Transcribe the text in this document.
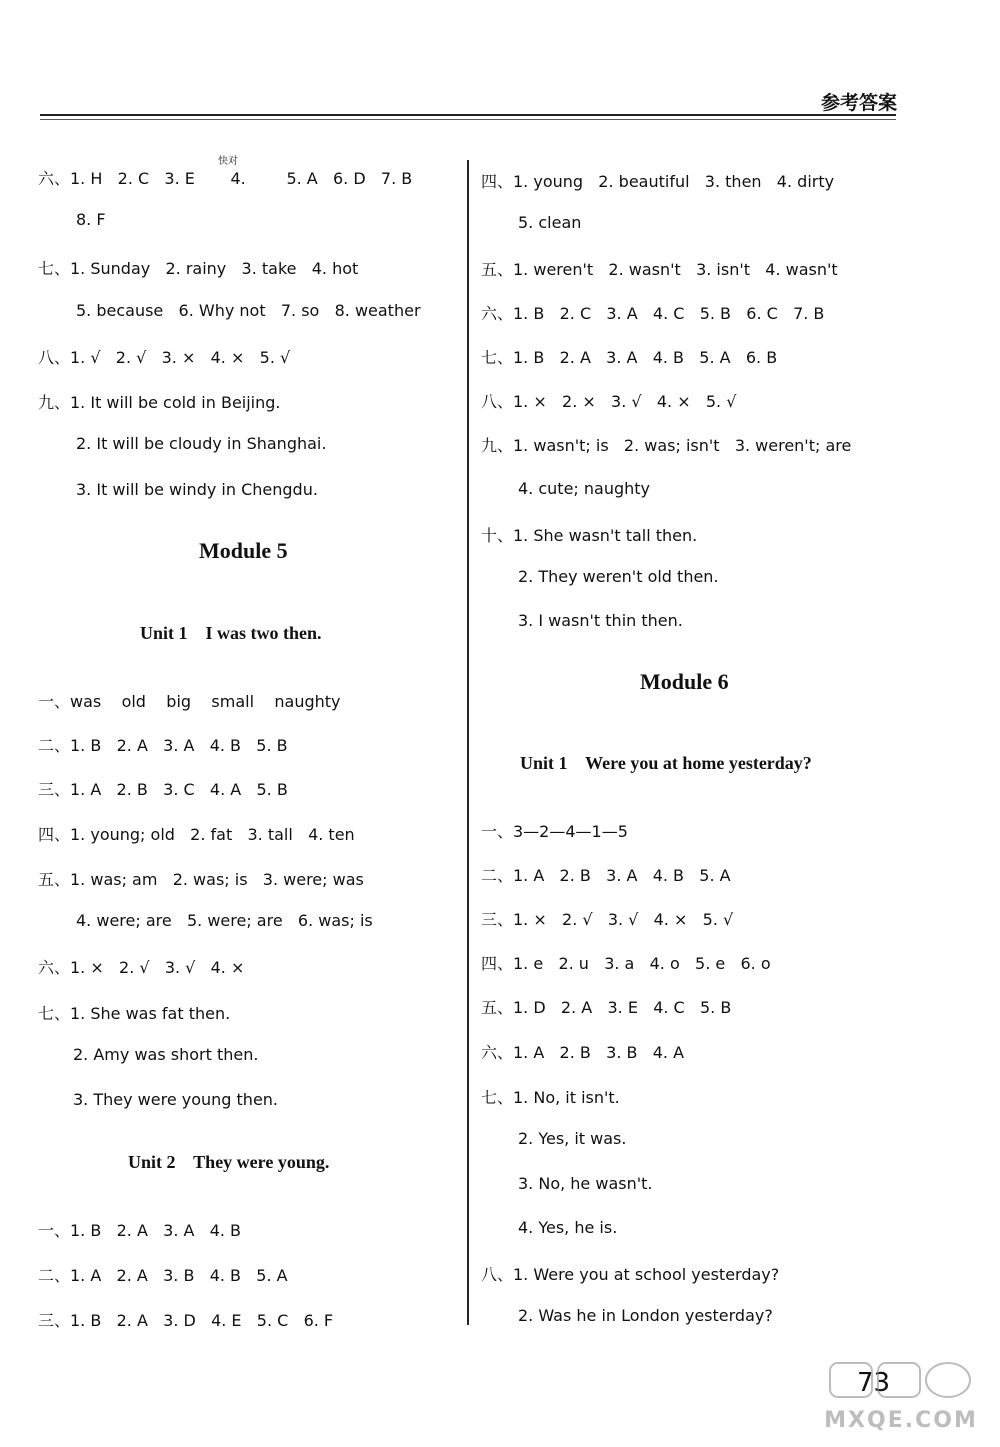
参考答案
快对
六、1. H   2. C   3. E       4.        5. A   6. D   7. B
8. F
七、1. Sunday   2. rainy   3. take   4. hot
5. because   6. Why not   7. so   8. weather
八、1. √   2. √   3. ×   4. ×   5. √
九、1. It will be cold in Beijing.
2. It will be cloudy in Shanghai.
3. It will be windy in Chengdu.
Module 5
Unit 1    I was two then.
一、was    old    big    small    naughty
二、1. B   2. A   3. A   4. B   5. B
三、1. A   2. B   3. C   4. A   5. B
四、1. young; old   2. fat   3. tall   4. ten
五、1. was; am   2. was; is   3. were; was
4. were; are   5. were; are   6. was; is
六、1. ×   2. √   3. √   4. ×
七、1. She was fat then.
2. Amy was short then.
3. They were young then.
Unit 2    They were young.
一、1. B   2. A   3. A   4. B
二、1. A   2. A   3. B   4. B   5. A
三、1. B   2. A   3. D   4. E   5. C   6. F
四、1. young   2. beautiful   3. then   4. dirty
5. clean
五、1. weren't   2. wasn't   3. isn't   4. wasn't
六、1. B   2. C   3. A   4. C   5. B   6. C   7. B
七、1. B   2. A   3. A   4. B   5. A   6. B
八、1. ×   2. ×   3. √   4. ×   5. √
九、1. wasn't; is   2. was; isn't   3. weren't; are
4. cute; naughty
十、1. She wasn't tall then.
2. They weren't old then.
3. I wasn't thin then.
Module 6
Unit 1    Were you at home yesterday?
一、3—2—4—1—5
二、1. A   2. B   3. A   4. B   5. A
三、1. ×   2. √   3. √   4. ×   5. √
四、1. e   2. u   3. a   4. o   5. e   6. o
五、1. D   2. A   3. E   4. C   5. B
六、1. A   2. B   3. B   4. A
七、1. No, it isn't.
2. Yes, it was.
3. No, he wasn't.
4. Yes, he is.
八、1. Were you at school yesterday?
2. Was he in London yesterday?
73
MXQE.COM
